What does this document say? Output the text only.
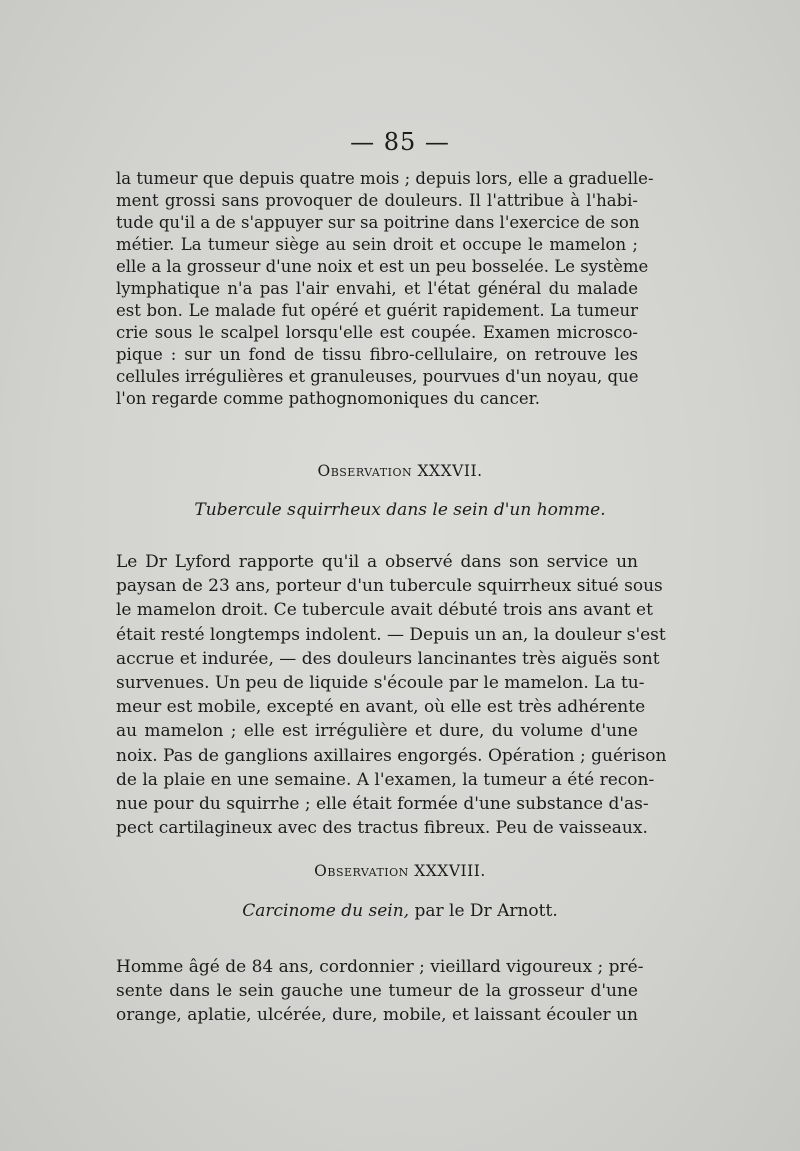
— 85 —
la tumeur que depuis quatre mois ; depuis lors, elle a graduelle-
ment grossi sans provoquer de douleurs. Il l'attribue à l'habi-
tude qu'il a de s'appuyer sur sa poitrine dans l'exercice de son
métier. La tumeur siège au sein droit et occupe le mamelon ;
elle a la grosseur d'une noix et est un peu bosselée. Le système
lymphatique n'a pas l'air envahi, et l'état général du malade
est bon. Le malade fut opéré et guérit rapidement. La tumeur
crie sous le scalpel lorsqu'elle est coupée. Examen microsco-
pique : sur un fond de tissu fibro-cellulaire, on retrouve les
cellules irrégulières et granuleuses, pourvues d'un noyau, que
l'on regarde comme pathognomoniques du cancer.
Observation XXXVII.
Tubercule squirrheux dans le sein d'un homme.
Le Dr Lyford rapporte qu'il a observé dans son service un
paysan de 23 ans, porteur d'un tubercule squirrheux situé sous
le mamelon droit. Ce tubercule avait débuté trois ans avant et
était resté longtemps indolent. — Depuis un an, la douleur s'est
accrue et indurée, — des douleurs lancinantes très aiguës sont
survenues. Un peu de liquide s'écoule par le mamelon. La tu-
meur est mobile, excepté en avant, où elle est très adhérente
au mamelon ; elle est irrégulière et dure, du volume d'une
noix. Pas de ganglions axillaires engorgés. Opération ; guérison
de la plaie en une semaine. A l'examen, la tumeur a été recon-
nue pour du squirrhe ; elle était formée d'une substance d'as-
pect cartilagineux avec des tractus fibreux. Peu de vaisseaux.
Observation XXXVIII.
Carcinome du sein, par le Dr Arnott.
Homme âgé de 84 ans, cordonnier ; vieillard vigoureux ; pré-
sente dans le sein gauche une tumeur de la grosseur d'une
orange, aplatie, ulcérée, dure, mobile, et laissant écouler un
